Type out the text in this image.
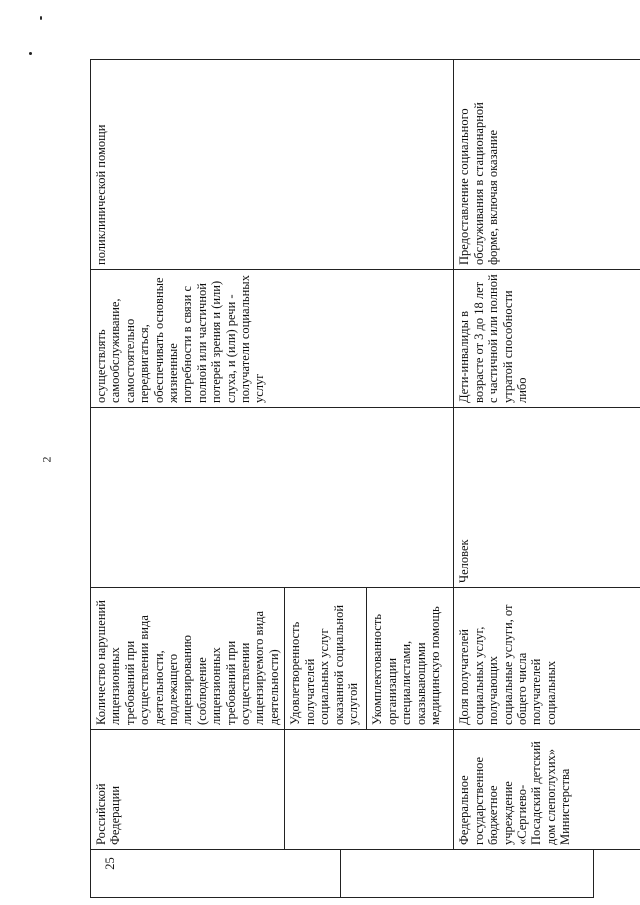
2
Российской Федерации	Количество нарушений лицензионных требований при осуществлении вида деятельности, подлежащего лицензированию (соблюдение лицензионных требований при осуществлении лицензируемого вида деятельности)		осуществлять самообслуживание, самостоятельно передвигаться, обеспечивать основные жизненные потребности в связи с полной или частичной потерей зрения и (или) слуха, и (или) речи - получатели социальных услуг	поликлинической помощи
	Удовлетворенность получателей социальных услуг оказанной социальной услугой			
	Укомплектованность организации специалистами, оказывающими медицинскую помощь			
Федеральное государственное бюджетное учреждение «Сергиево-Посадский детский дом слепоглухих» Министерства	Доля получателей социальных услуг, получающих социальные услуги, от общего числа получателей социальных	Человек	Дети-инвалиды в возрасте от 3 до 18 лет с частичной или полной утратой способности либо	Предоставление социального обслуживания в стационарной форме, включая оказание
25
